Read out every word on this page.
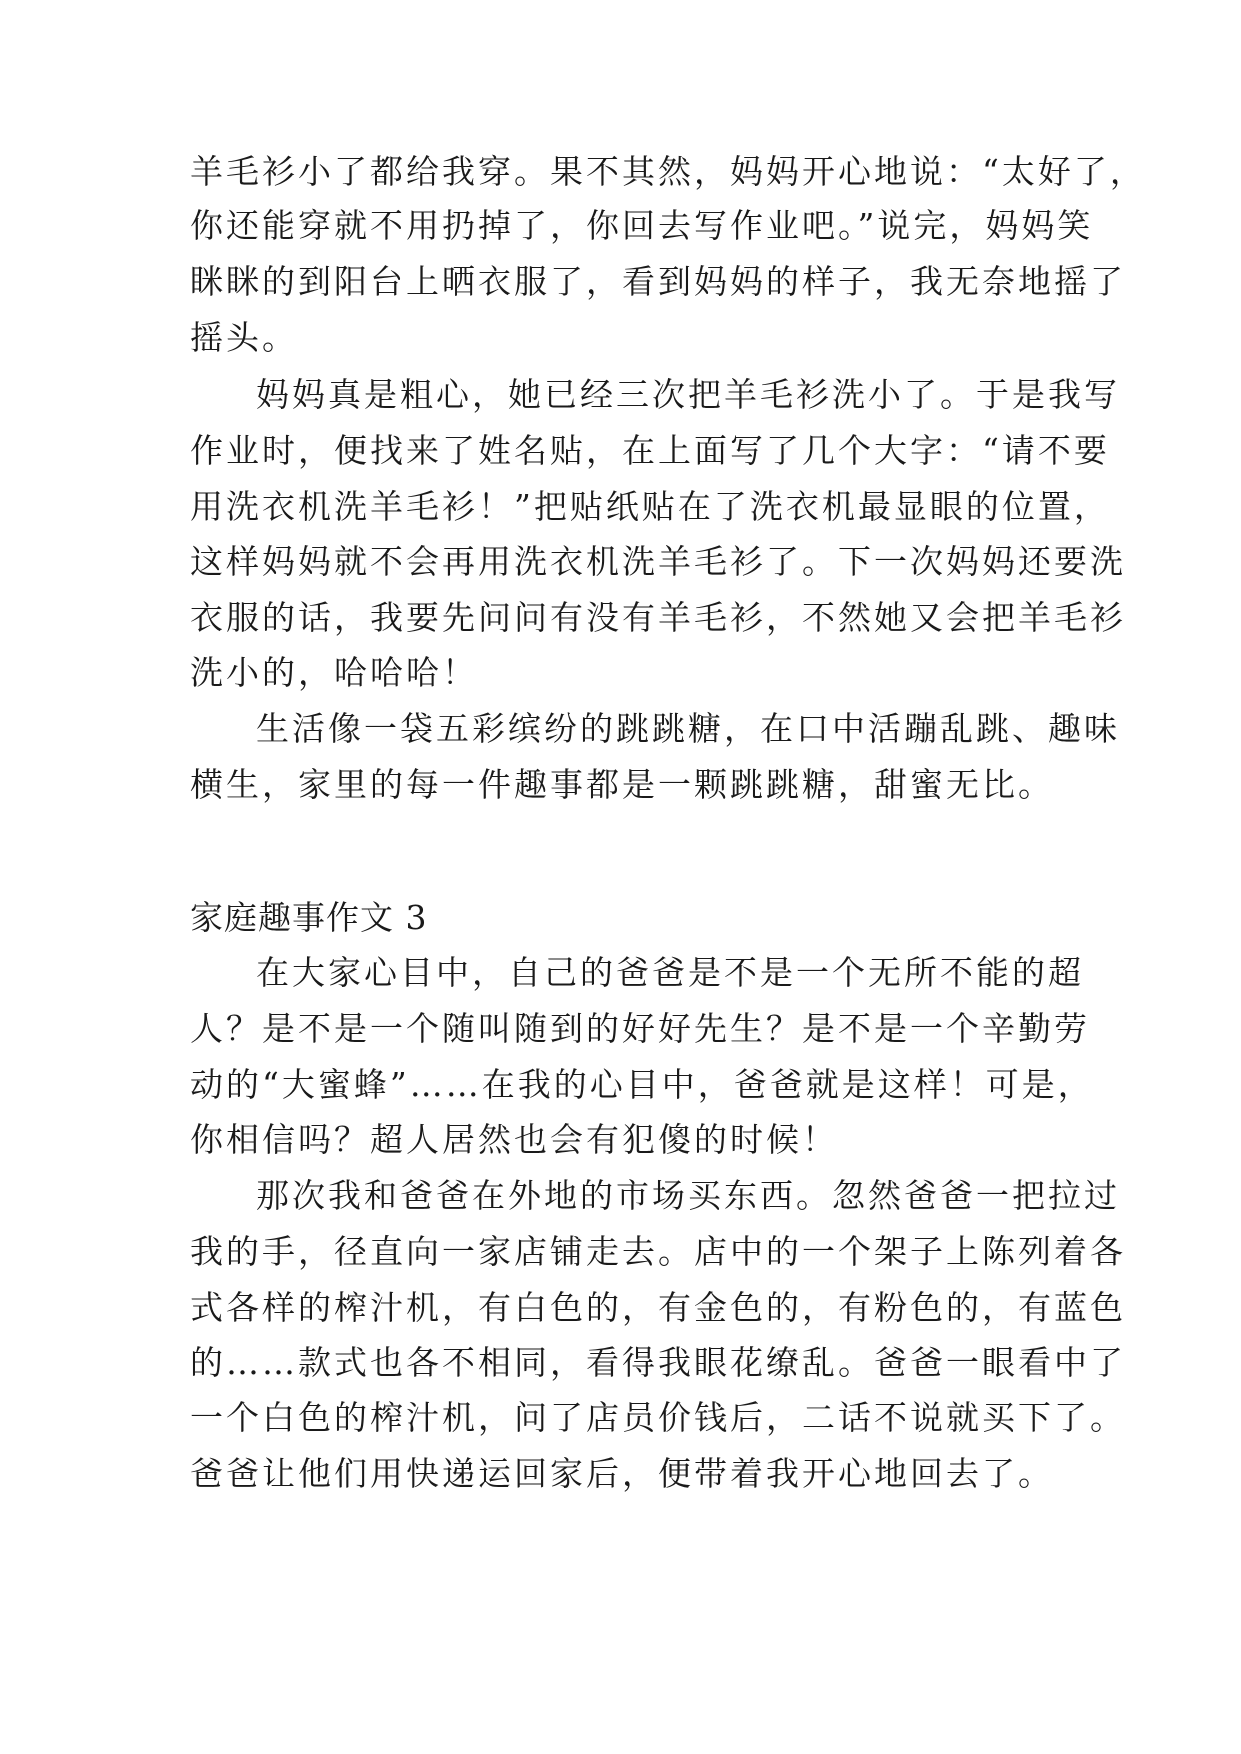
羊毛衫小了都给我穿。果不其然，妈妈开心地说：“太好了，
你还能穿就不用扔掉了，你回去写作业吧。”说完，妈妈笑
眯眯的到阳台上晒衣服了，看到妈妈的样子，我无奈地摇了
摇头。
妈妈真是粗心，她已经三次把羊毛衫洗小了。于是我写
作业时，便找来了姓名贴，在上面写了几个大字：“请不要
用洗衣机洗羊毛衫！”把贴纸贴在了洗衣机最显眼的位置，
这样妈妈就不会再用洗衣机洗羊毛衫了。下一次妈妈还要洗
衣服的话，我要先问问有没有羊毛衫，不然她又会把羊毛衫
洗小的，哈哈哈！
生活像一袋五彩缤纷的跳跳糖，在口中活蹦乱跳、趣味
横生，家里的每一件趣事都是一颗跳跳糖，甜蜜无比。
家庭趣事作文 3
在大家心目中，自己的爸爸是不是一个无所不能的超
人？是不是一个随叫随到的好好先生？是不是一个辛勤劳
动的“大蜜蜂”……在我的心目中，爸爸就是这样！可是，
你相信吗？超人居然也会有犯傻的时候！
那次我和爸爸在外地的市场买东西。忽然爸爸一把拉过
我的手，径直向一家店铺走去。店中的一个架子上陈列着各
式各样的榨汁机，有白色的，有金色的，有粉色的，有蓝色
的……款式也各不相同，看得我眼花缭乱。爸爸一眼看中了
一个白色的榨汁机，问了店员价钱后，二话不说就买下了。
爸爸让他们用快递运回家后，便带着我开心地回去了。
